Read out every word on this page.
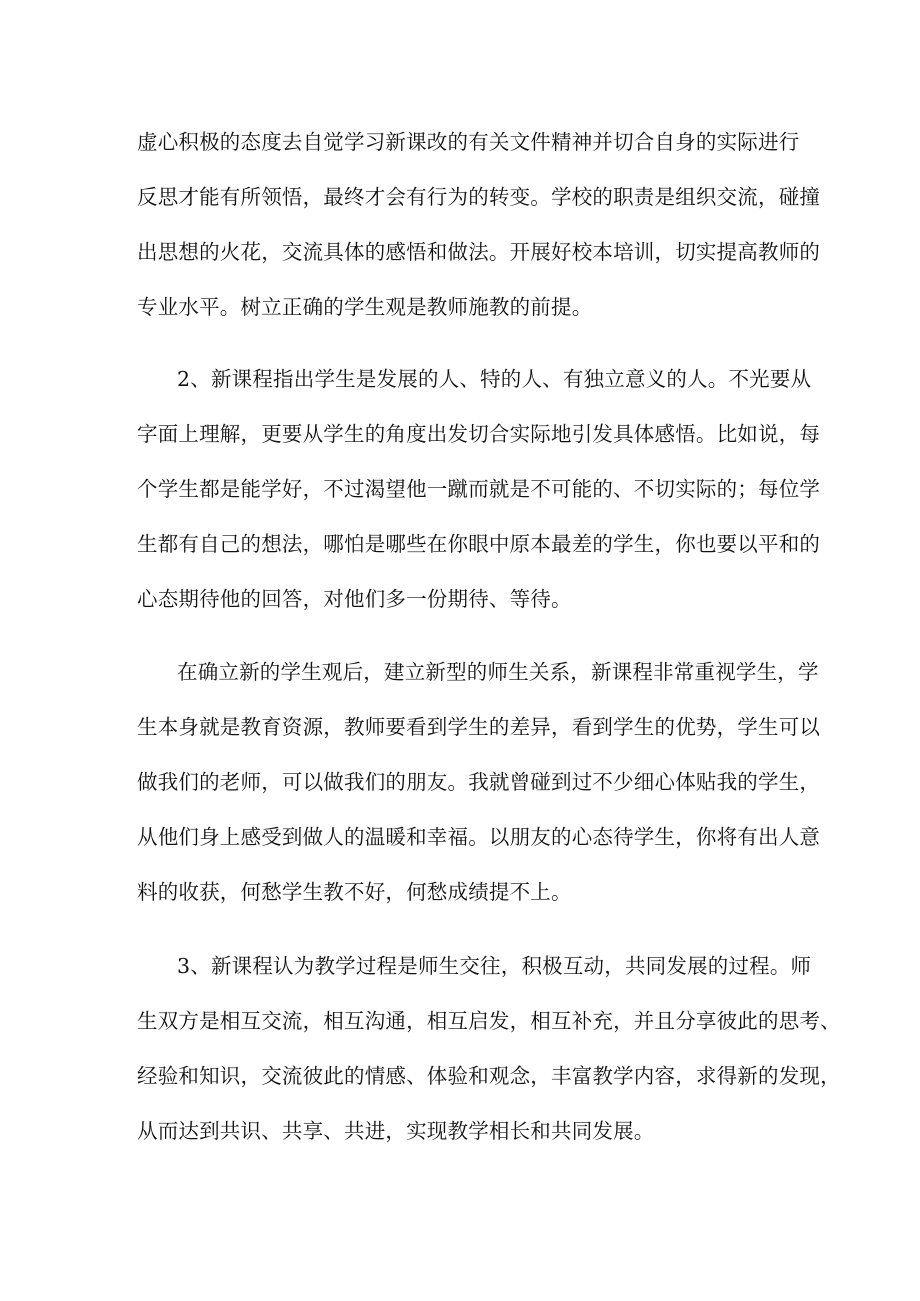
虚心积极的态度去自觉学习新课改的有关文件精神并切合自身的实际进行
反思才能有所领悟，最终才会有行为的转变。学校的职责是组织交流，碰撞
出思想的火花，交流具体的感悟和做法。开展好校本培训，切实提高教师的
专业水平。树立正确的学生观是教师施教的前提。
2、新课程指出学生是发展的人、特的人、有独立意义的人。不光要从
字面上理解，更要从学生的角度出发切合实际地引发具体感悟。比如说，每
个学生都是能学好，不过渴望他一蹴而就是不可能的、不切实际的；每位学
生都有自己的想法，哪怕是哪些在你眼中原本最差的学生，你也要以平和的
心态期待他的回答，对他们多一份期待、等待。
在确立新的学生观后，建立新型的师生关系，新课程非常重视学生，学
生本身就是教育资源，教师要看到学生的差异，看到学生的优势，学生可以
做我们的老师，可以做我们的朋友。我就曾碰到过不少细心体贴我的学生，
从他们身上感受到做人的温暖和幸福。以朋友的心态待学生，你将有出人意
料的收获，何愁学生教不好，何愁成绩提不上。
3、新课程认为教学过程是师生交往，积极互动，共同发展的过程。师
生双方是相互交流，相互沟通，相互启发，相互补充，并且分享彼此的思考、
经验和知识，交流彼此的情感、体验和观念，丰富教学内容，求得新的发现，
从而达到共识、共享、共进，实现教学相长和共同发展。
